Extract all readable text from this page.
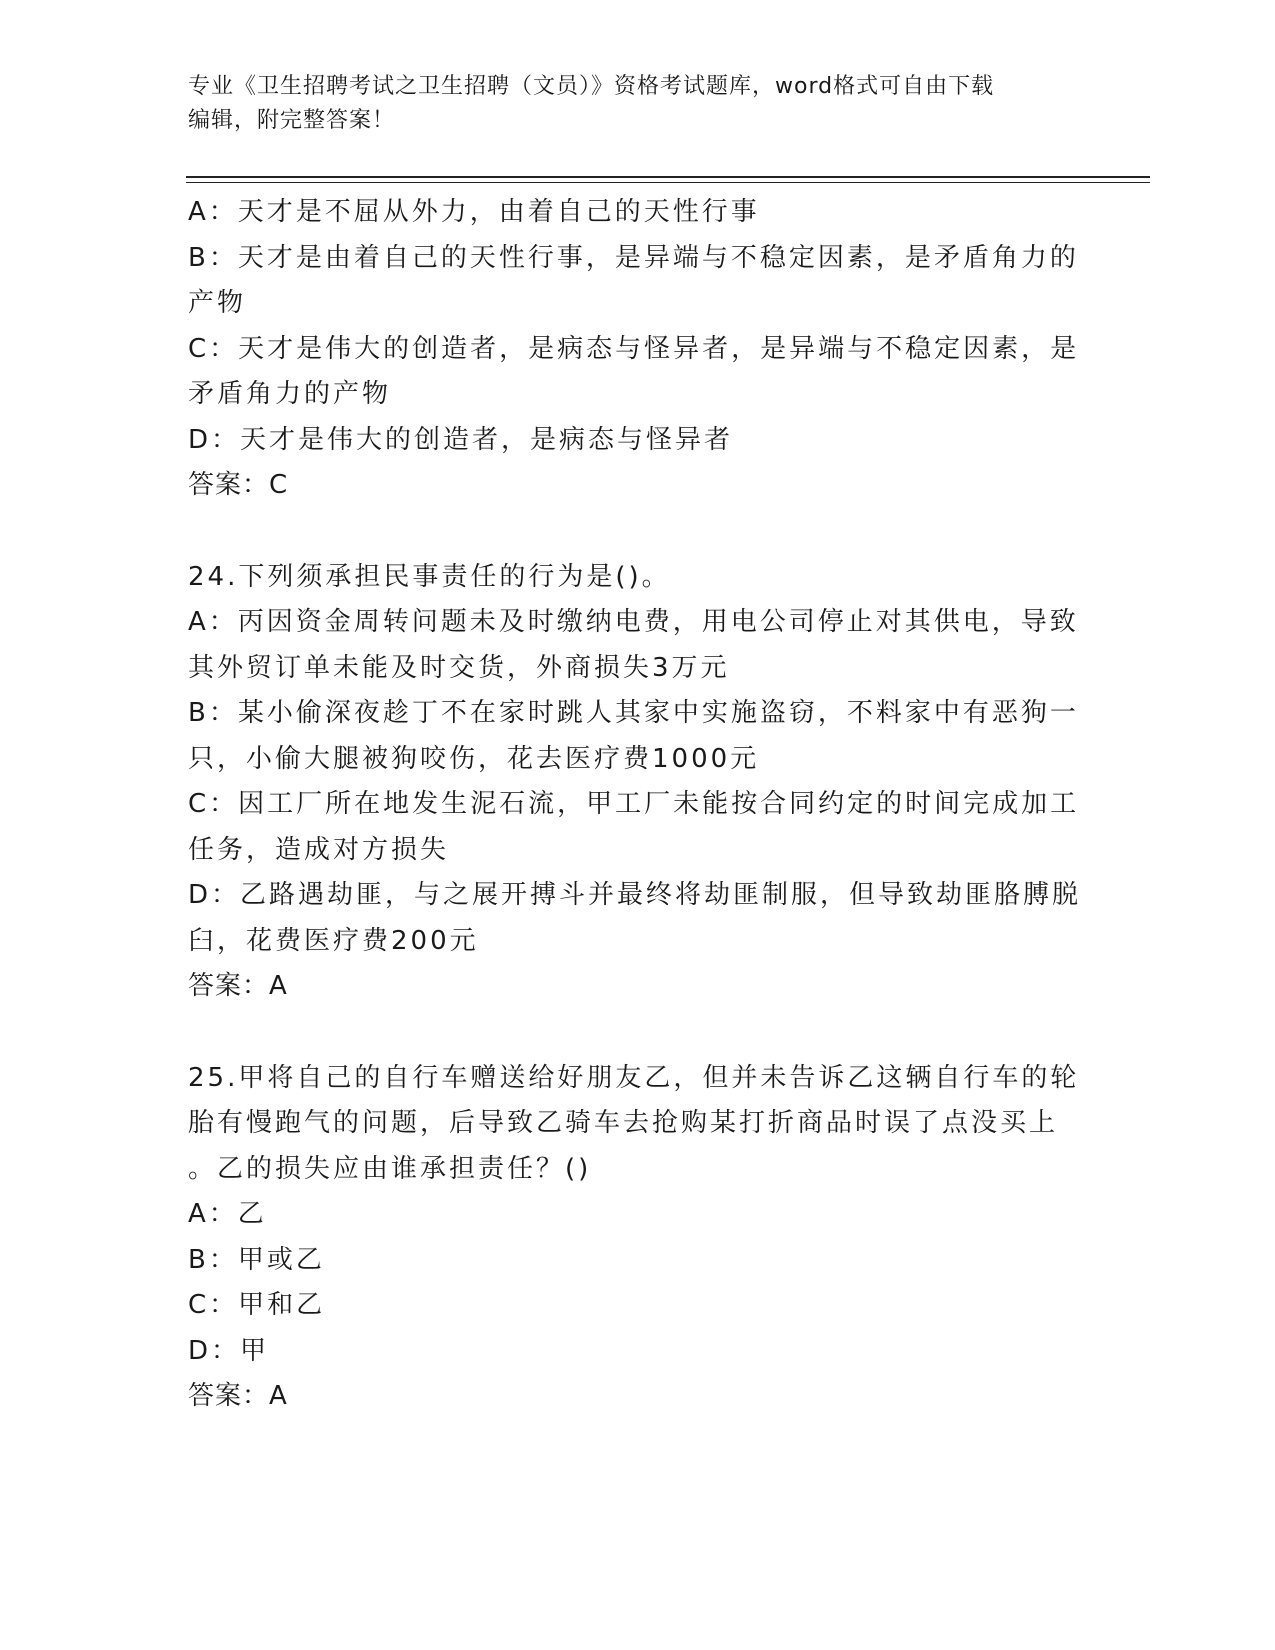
专业《卫生招聘考试之卫生招聘（文员）》资格考试题库，word格式可自由下载

编辑，附完整答案！

A：天才是不屈从外力，由着自己的天性行事

B：天才是由着自己的天性行事，是异端与不稳定因素，是矛盾角力的

产物

C：天才是伟大的创造者，是病态与怪异者，是异端与不稳定因素，是

矛盾角力的产物

D：天才是伟大的创造者，是病态与怪异者

答案：C

24.下列须承担民事责任的行为是()。

A：丙因资金周转问题未及时缴纳电费，用电公司停止对其供电，导致

其外贸订单未能及时交货，外商损失3万元

B：某小偷深夜趁丁不在家时跳人其家中实施盗窃，不料家中有恶狗一

只，小偷大腿被狗咬伤，花去医疗费1000元

C：因工厂所在地发生泥石流，甲工厂未能按合同约定的时间完成加工

任务，造成对方损失

D：乙路遇劫匪，与之展开搏斗并最终将劫匪制服，但导致劫匪胳膊脱

臼，花费医疗费200元

答案：A

25.甲将自己的自行车赠送给好朋友乙，但并未告诉乙这辆自行车的轮

胎有慢跑气的问题，后导致乙骑车去抢购某打折商品时误了点没买上

。乙的损失应由谁承担责任？()

A：乙

B：甲或乙

C：甲和乙

D：甲

答案：A
